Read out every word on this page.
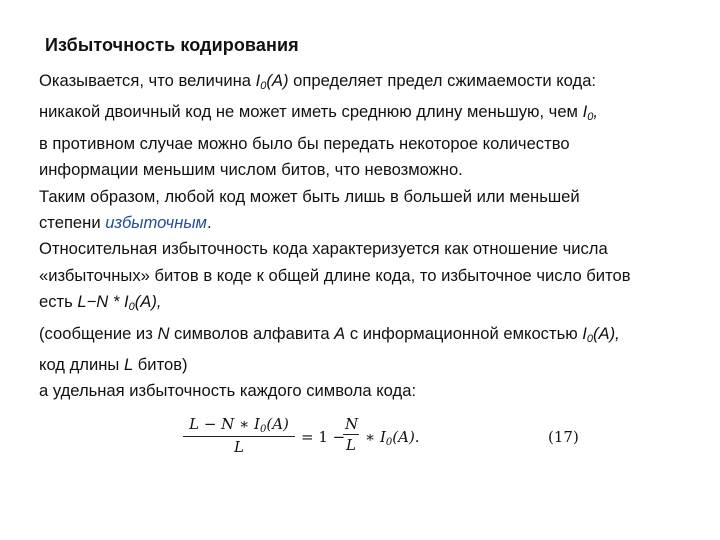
Избыточность кодирования
Оказывается, что величина $I_0(A)$ определяет предел сжимаемости кода:
никакой двоичный код не может иметь среднюю длину меньшую, чем $I_0$,
в противном случае можно было бы передать некоторое количество
информации меньшим числом битов, что невозможно.
Таким образом, любой код может быть лишь в большей или меньшей
степени избыточным.
Относительная избыточность кода характеризуется как отношение числа
«избыточных» битов в коде к общей длине кода, то избыточное число битов
есть $L-N * I_0(A)$,
(сообщение из N символов алфавита A с информационной емкостью $I_0(A)$,
код длины L битов)
а удельная избыточность каждого символа кода:
L − N ∗ $I_0(A)$
L
= 1 −
N
L ∗ $I_0(A)$.	(17)
